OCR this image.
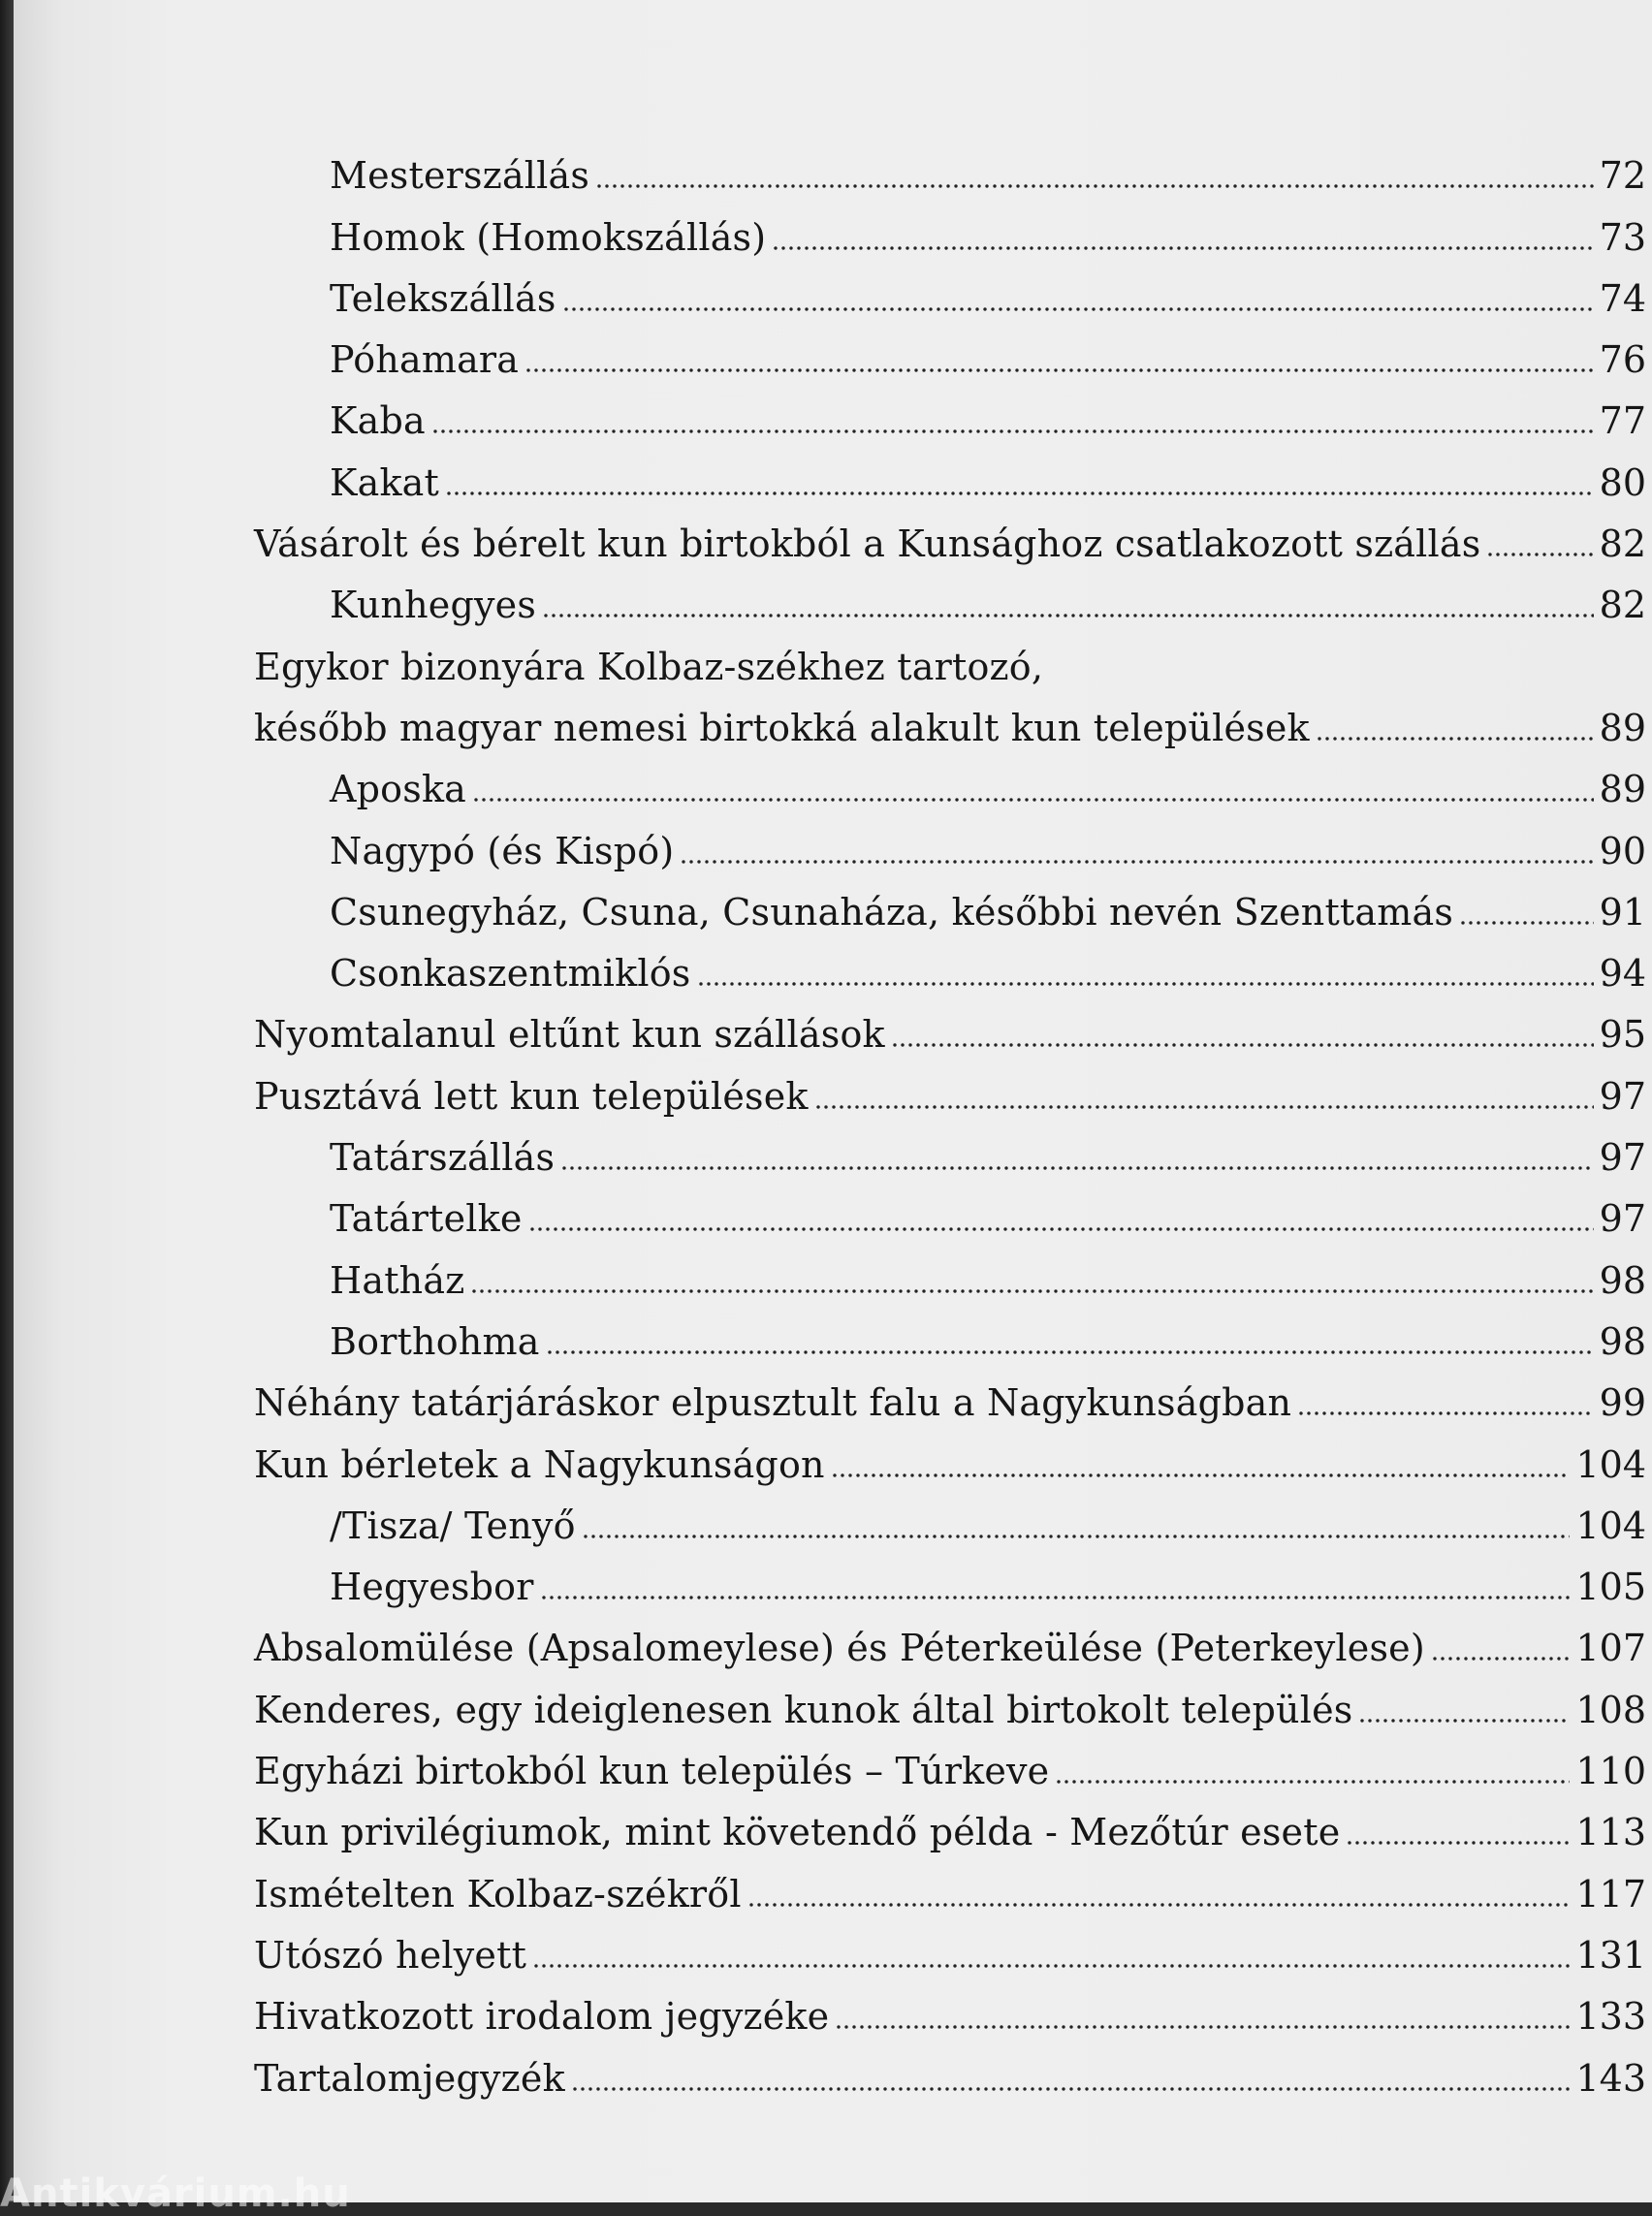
Mesterszállás	72
Homok (Homokszállás)	73
Telekszállás	74
Póhamara	76
Kaba	77
Kakat	80
Vásárolt és bérelt kun birtokból a Kunsághoz csatlakozott szállás	82
Kunhegyes	82
Egykor bizonyára Kolbaz-székhez tartozó,
később magyar nemesi birtokká alakult kun települések	89
Aposka	89
Nagypó (és Kispó)	90
Csunegyház, Csuna, Csunaháza, későbbi nevén Szenttamás	91
Csonkaszentmiklós	94
Nyomtalanul eltűnt kun szállások	95
Pusztává lett kun települések	97
Tatárszállás	97
Tatártelke	97
Hatház	98
Borthohma	98
Néhány tatárjáráskor elpusztult falu a Nagykunságban	99
Kun bérletek a Nagykunságon	104
/Tisza/ Tenyő	104
Hegyesbor	105
Absalomülése (Apsalomeylese) és Péterkeülése (Peterkeylese)	107
Kenderes, egy ideiglenesen kunok által birtokolt település	108
Egyházi birtokból kun település – Túrkeve	110
Kun privilégiumok, mint követendő példa - Mezőtúr esete	113
Ismételten Kolbaz-székről	117
Utószó helyett	131
Hivatkozott irodalom jegyzéke	133
Tartalomjegyzék	143
Antikvárium.hu
